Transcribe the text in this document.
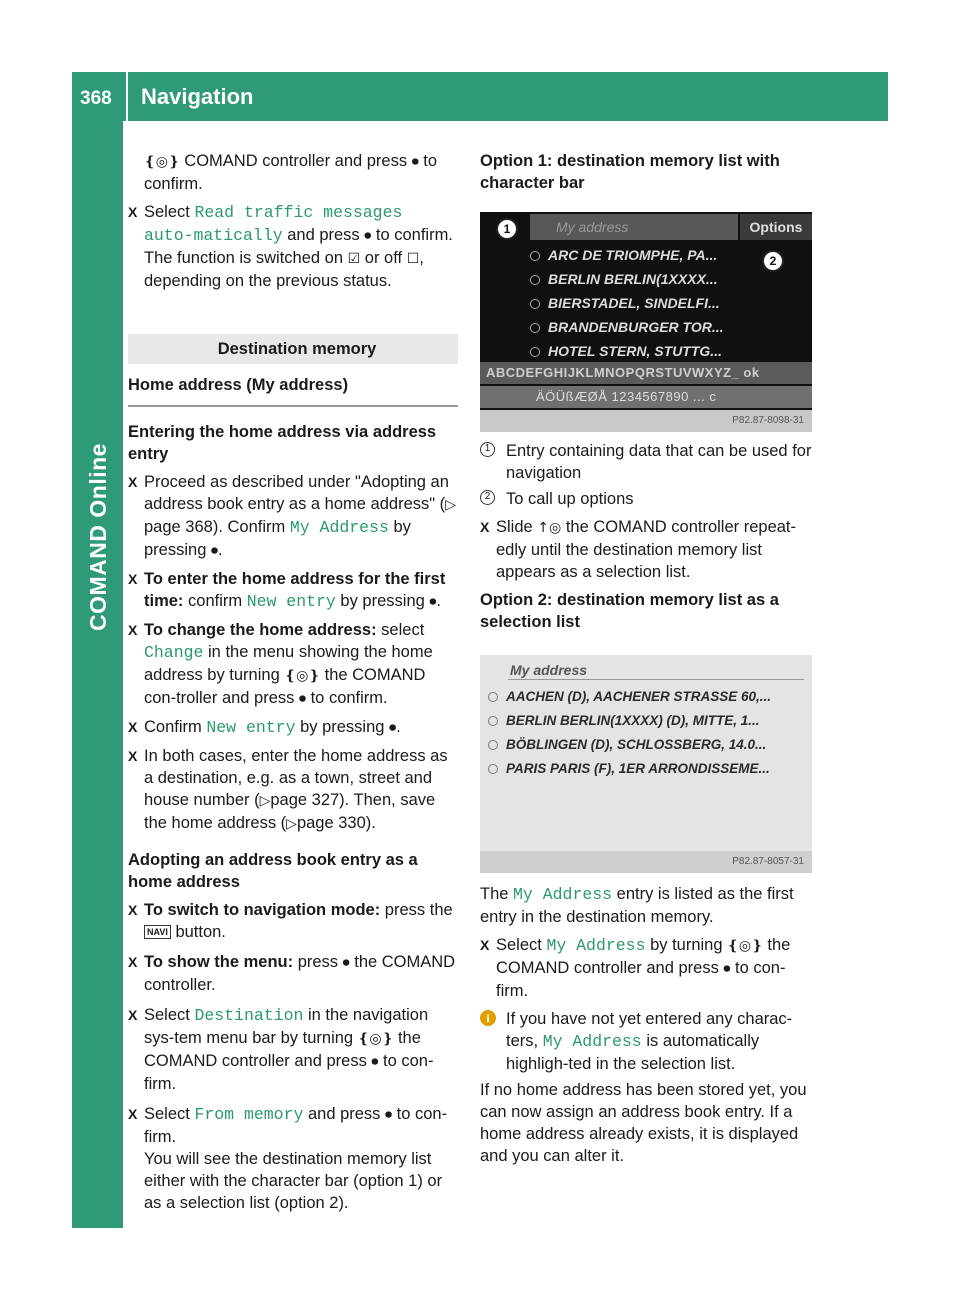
368 Navigation
COMAND Online

❴◎❵ COMAND controller and press ⏺ to confirm.

X Select Read traffic messages auto‐matically and press ⏺ to confirm.
The function is switched on ☑ or off ☐, depending on the previous status.
Destination memory
Home address (My address)
Entering the home address via address entry
X Proceed as described under "Adopting an address book entry as a home address" (▷ page 368). Confirm My Address by pressing ⏺.
X To enter the home address for the first time: confirm New entry by pressing ⏺.
X To change the home address: select Change in the menu showing the home address by turning ❴◎❵ the COMAND con‐troller and press ⏺ to confirm.
X Confirm New entry by pressing ⏺.
X In both cases, enter the home address as a destination, e.g. as a town, street and house number (▷page 327). Then, save the home address (▷page 330).
Adopting an address book entry as a home address
X To switch to navigation mode: press the NAVI button.
X To show the menu: press ⏺ the COMAND controller.
X Select Destination in the navigation sys‐tem menu bar by turning ❴◎❵ the COMAND controller and press ⏺ to con‐firm.
X Select From memory and press ⏺ to con‐firm.
You will see the destination memory list either with the character bar (option 1) or as a selection list (option 2).
Option 1: destination memory list with character bar
My address	Options
ARC DE TRIOMPHE, PA...
BERLIN BERLIN(1XXXX...
BIERSTADEL, SINDELFI...
BRANDENBURGER TOR...
HOTEL STERN, STUTTG...
ABCDEFGHIJKLMNOPQRSTUVWXYZ_ ok
ÄÖÜßÆØÅ 1234567890 ... c
P82.87-8098-31
1
2
1 Entry containing data that can be used for navigation
2 To call up options
X Slide ↑◎ the COMAND controller repeat‐edly until the destination memory list appears as a selection list.
Option 2: destination memory list as a selection list
My address
AACHEN (D), AACHENER STRASSE 60,...
BERLIN BERLIN(1XXXX) (D), MITTE, 1...
BÖBLINGEN (D), SCHLOSSBERG, 14.0...
PARIS PARIS (F), 1ER ARRONDISSEME...
P82.87-8057-31

The My Address entry is listed as the first entry in the destination memory.

X Select My Address by turning ❴◎❵ the COMAND controller and press ⏺ to con‐firm.
i If you have not yet entered any charac‐ters, My Address is automatically highligh‐ted in the selection list.

If no home address has been stored yet, you can now assign an address book entry. If a home address already exists, it is displayed and you can alter it.
